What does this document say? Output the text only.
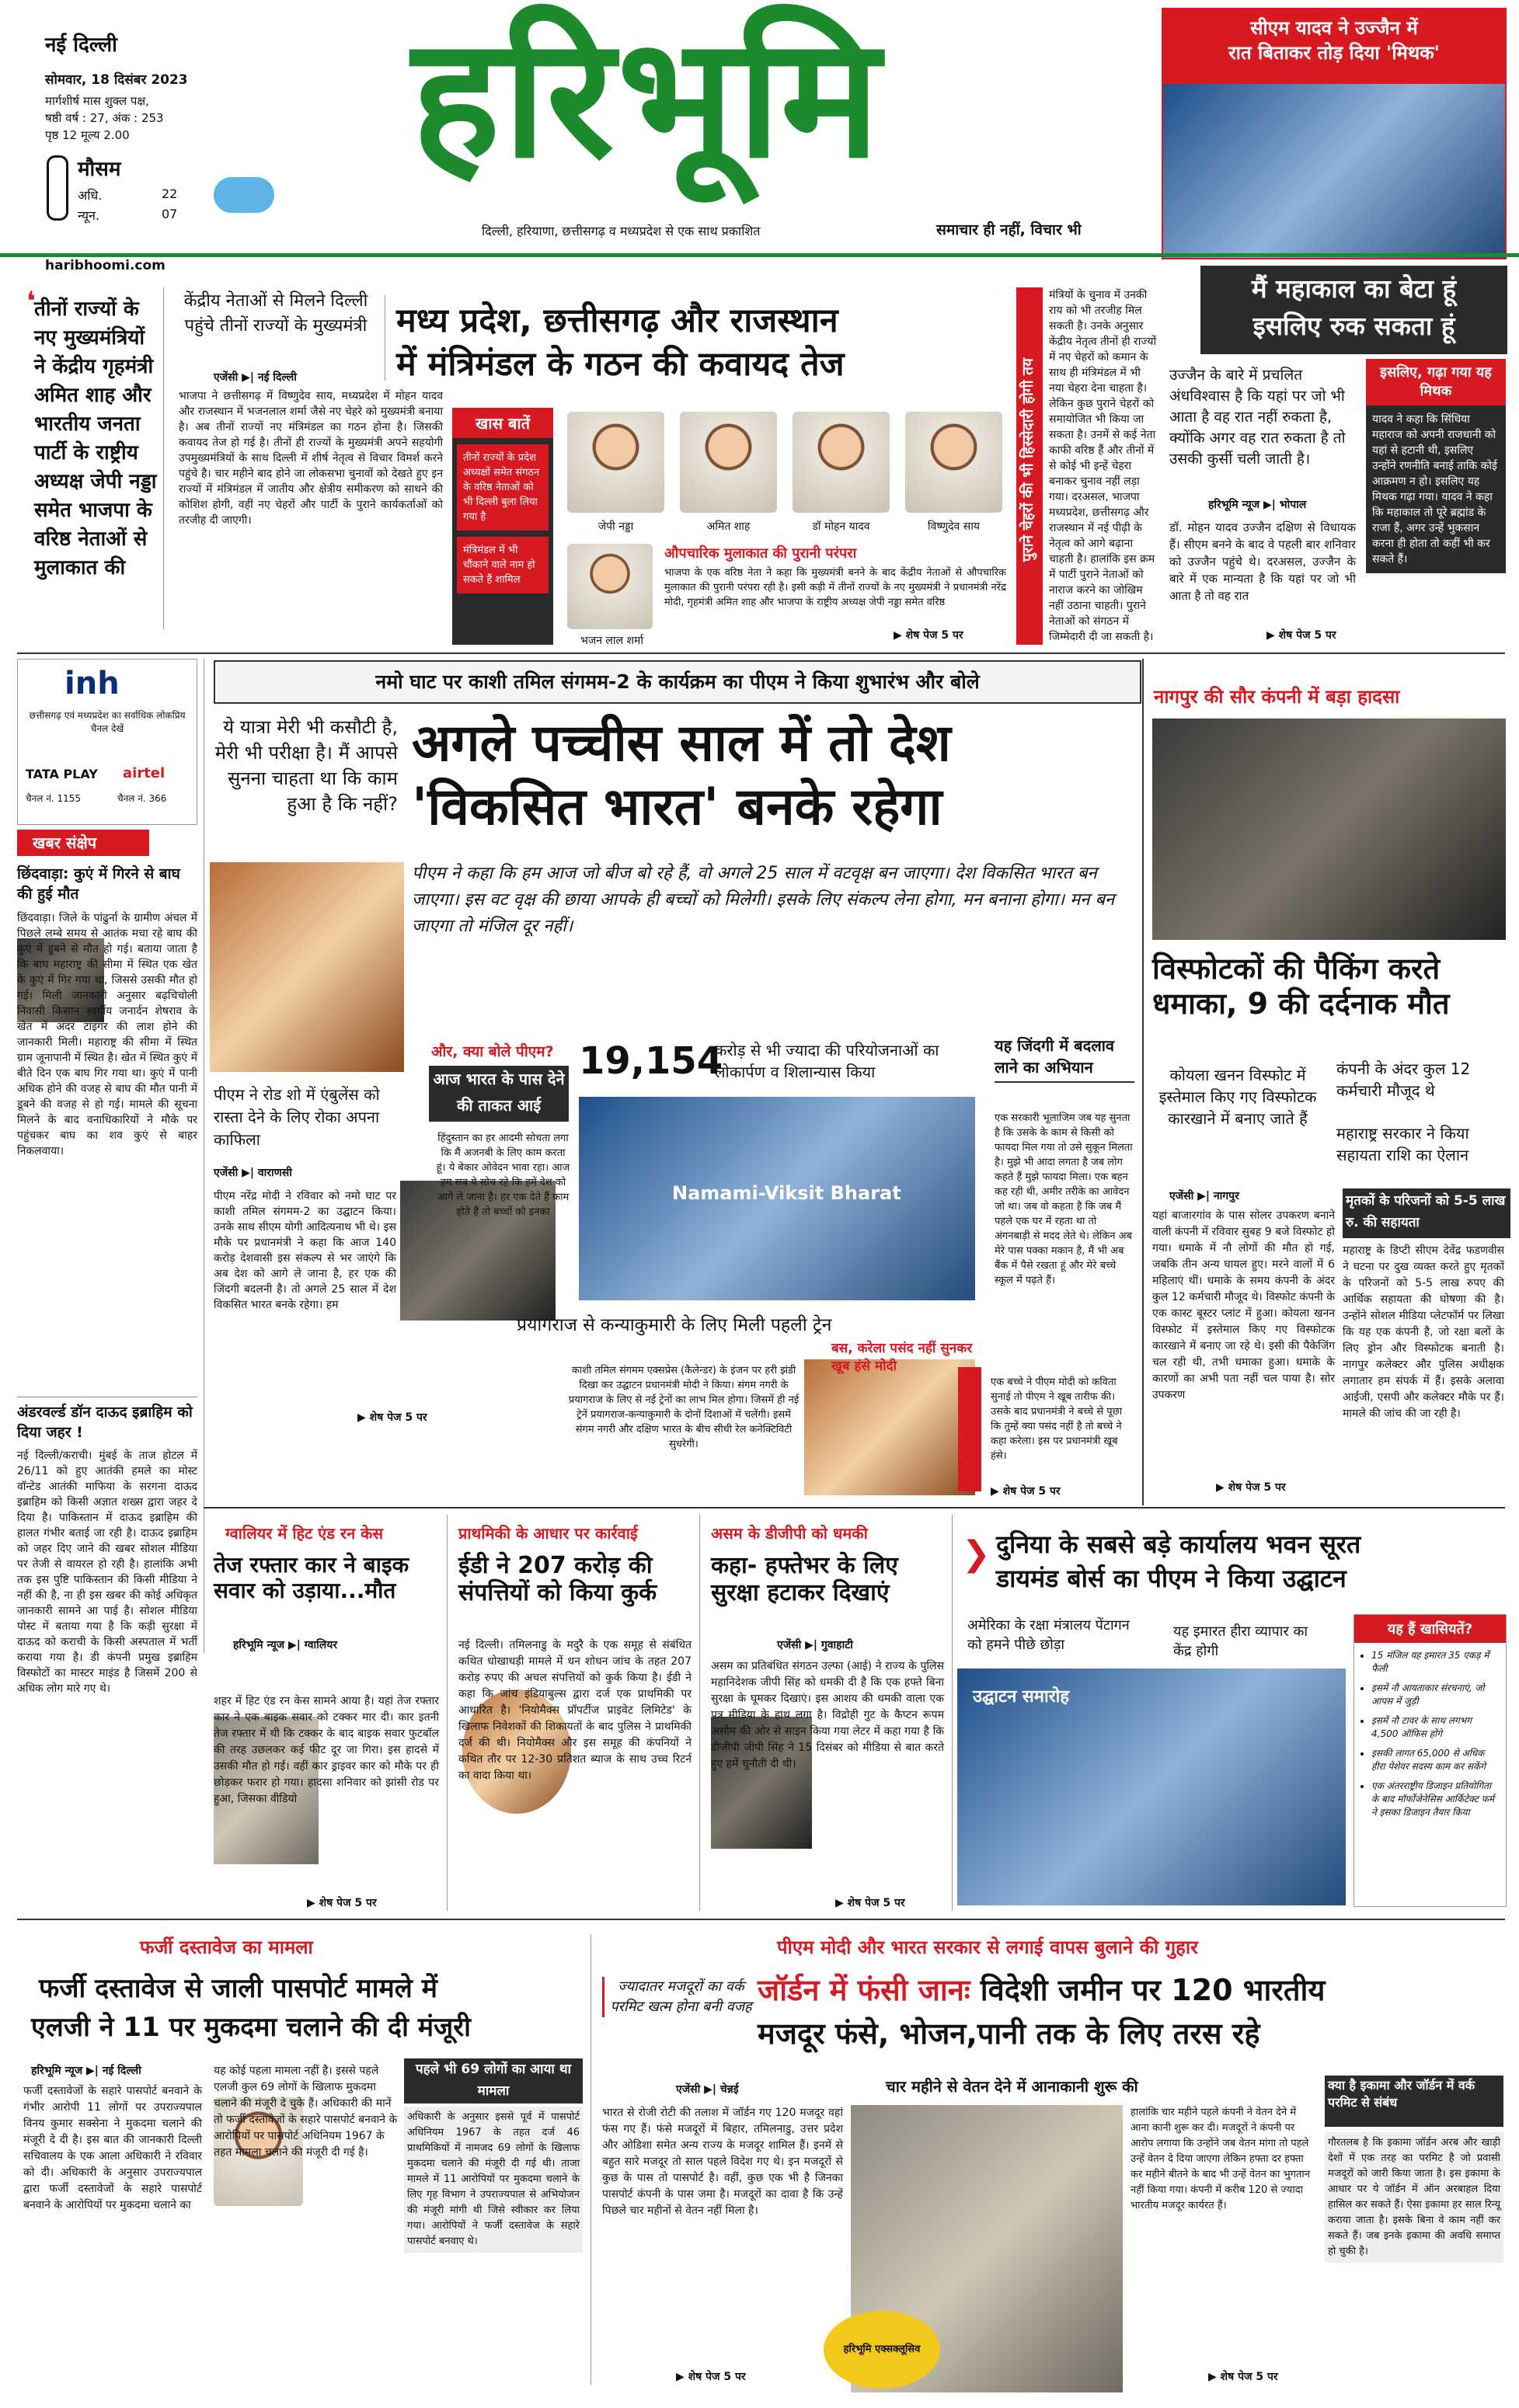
नई दिल्ली
सोमवार, 18 दिसंबर 2023
मार्गशीर्ष मास शुक्ल पक्ष,
षष्ठी वर्ष : 27, अंक : 253
पृष्ठ 12 मूल्य 2.00
मौसम
अधि.	22
न्यून.	07
हरिभूमि
दिल्ली, हरियाणा, छत्तीसगढ़ व मध्यप्रदेश से एक साथ प्रकाशित	समाचार ही नहीं, विचार भी
सीएम यादव ने उज्जैन में
रात बिताकर तोड़ दिया 'मिथक'
haribhoomi.com
तीनों राज्यों के नए मुख्यमंत्रियों ने केंद्रीय गृहमंत्री अमित शाह और भारतीय जनता पार्टी के राष्ट्रीय अध्यक्ष जेपी नड्डा समेत भाजपा के वरिष्ठ नेताओं से मुलाकात की
❛	केंद्रीय नेताओं से मिलने दिल्ली पहुंचे तीनों राज्यों के मुख्यमंत्री मध्य प्रदेश, छत्तीसगढ़ और राजस्थान
में मंत्रिमंडल के गठन की कवायद तेज
एजेंसी ▶| नई दिल्ली
भाजपा ने छत्तीसगढ़ में विष्णुदेव साय, मध्यप्रदेश में मोहन यादव और राजस्थान में भजनलाल शर्मा जैसे नए चेहरे को मुख्यमंत्री बनाया है। अब तीनों राज्यों नए मंत्रिमंडल का गठन होना है। जिसकी कवायद तेज हो गई है। तीनों ही राज्यों के मुख्यमंत्री अपने सहयोगी उपमुख्यमंत्रियों के साथ दिल्ली में शीर्ष नेतृत्व से विचार विमर्श करने पहुंचे है। चार महीने बाद होने जा लोकसभा चुनावों को देखते हुए इन राज्यों में मंत्रिमंडल में जातीय और क्षेत्रीय समीकरण को साधने की कोशिश होगी, वहीं नए चेहरों और पार्टी के पुराने कार्यकर्ताओं को तरजीह दी जाएगी।
खास बातें
तीनों राज्यों के प्रदेश अध्यक्षों समेत संगठन के वरिष्ठ नेताओं को भी दिल्ली बुला लिया गया है
मंत्रिमंडल में भी चौंकाने वाले नाम हो सकते हैं शामिल
जेपी नड्डा	अमित शाह	डॉ मोहन यादव	विष्णुदेव साय
भजन लाल शर्मा
औपचारिक मुलाकात की पुरानी परंपरा
भाजपा के एक वरिष्ठ नेता ने कहा कि मुख्यमंत्री बनने के बाद केंद्रीय नेताओं से औपचारिक मुलाकात की पुरानी परंपरा रही है। इसी कड़ी में तीनों राज्यों के नए मुख्यमंत्री ने प्रधानमंत्री नरेंद्र मोदी, गृहमंत्री अमित शाह और भाजपा के राष्ट्रीय अध्यक्ष जेपी नड्डा समेत वरिष्ठ
▶ शेष पेज 5 पर
पुराने चेहरों की भी हिस्सेदारी होगी तय
मंत्रियों के चुनाव में उनकी राय को भी तरजीह मिल सकती है। उनके अनुसार केंद्रीय नेतृत्व तीनों ही राज्यों में नए चेहरों को कमान के साथ ही मंत्रिमंडल में भी नया चेहरा देना चाहता है। लेकिन कुछ पुराने चेहरों को समायोजित भी किया जा सकता है। उनमें से कई नेता काफी वरिष्ठ हैं और तीनों में से कोई भी इन्हें चेहरा बनाकर चुनाव नहीं लड़ा गया। दरअसल, भाजपा मध्यप्रदेश, छत्तीसगढ़ और राजस्थान में नई पीढ़ी के नेतृत्व को आगे बढ़ाना चाहती है। हालांकि इस क्रम में पार्टी पुराने नेताओं को नाराज करने का जोखिम नहीं उठाना चाहती। पुराने नेताओं को संगठन में जिम्मेदारी दी जा सकती है।
मैं महाकाल का बेटा हूं
इसलिए रुक सकता हूं
उज्जैन के बारे में प्रचलित अंधविश्वास है कि यहां पर जो भी आता है वह रात नहीं रुकता है, क्योंकि अगर वह रात रुकता है तो उसकी कुर्सी चली जाती है।
इसलिए, गढ़ा गया यह मिथक
यादव ने कहा कि सिंधिया महाराज को अपनी राजधानी को यहां से हटानी थी, इसलिए उन्होंने रणनीति बनाई ताकि कोई आक्रमण न हो। इसलिए यह मिथक गढ़ा गया। यादव ने कहा कि महाकाल तो पूरे ब्रह्मांड के राजा हैं, अगर उन्हें भुकसान करना ही होता तो कहीं भी कर सकते हैं।
हरिभूमि न्यूज ▶| भोपाल
डॉ. मोहन यादव उज्जैन दक्षिण से विधायक हैं। सीएम बनने के बाद वे पहली बार शनिवार को उज्जैन पहुंचे थे। दरअसल, उज्जैन के बारे में एक मान्यता है कि यहां पर जो भी आता है तो वह रात
▶ शेष पेज 5 पर
inh
छत्तीसगढ़ एवं मध्यप्रदेश का सर्वाधिक लोकप्रिय चैनल देखें
TATA PLAY airtel
चैनल नं. 1155	चैनल नं. 366
खबर संक्षेप
छिंदवाड़ा: कुएं में गिरने से बाघ की हुई मौत
छिंदवाड़ा। जिले के पांढुर्ना के ग्रामीण अंचल में पिछले लम्बे समय से आतंक मचा रहे बाघ की कुएं में डूबने से मौत हो गई। बताया जाता है कि बाघ महाराष्ट्र की सीमा में स्थित एक खेत के कुएं में गिर गया था, जिससे उसकी मौत हो गई। मिली जानकारी अनुसार बढ़चिचोली निवासी किसान स्वर्गीय जनार्दन शेषराव के खेत में अंदर टाइगर की लाश होने की जानकारी मिली। महाराष्ट्र की सीमा में स्थित ग्राम जूनापानी में स्थित है। खेत में स्थित कुएं में बीते दिन एक बाघ गिर गया था। कुएं में पानी अधिक होने की वजह से बाघ की मौत पानी में डूबने की वजह से हो गई। मामले की सूचना मिलने के बाद वनाधिकारियों ने मौके पर पहुंचकर बाघ का शव कुएं से बाहर निकलवाया।
अंडरवर्ल्ड डॉन दाऊद इब्राहिम को दिया जहर !
नई दिल्ली/कराची। मुंबई के ताज होटल में 26/11 को हुए आतंकी हमले का मोस्ट वॉन्टेड आतंकी माफिया के सरगना दाऊद इब्राहिम को किसी अज्ञात शख्स द्वारा जहर दे दिया है। पाकिस्तान में दाऊद इब्राहिम की हालत गंभीर बताई जा रही है। दाऊद इब्राहिम को जहर दिए जाने की खबर सोशल मीडिया पर तेजी से वायरल हो रही है। हालांकि अभी तक इस पुष्टि पाकिस्तान की किसी मीडिया ने नहीं की है, ना ही इस खबर की कोई अधिकृत जानकारी सामने आ पाई है। सोशल मीडिया पोस्ट में बताया गया है कि कड़ी सुरक्षा में दाऊद को कराची के किसी अस्पताल में भर्ती कराया गया है। डी कंपनी प्रमुख इब्राहिम विस्फोटों का मास्टर माइंड है जिसमें 200 से अधिक लोग मारे गए थे।
नमो घाट पर काशी तमिल संगमम-2 के कार्यक्रम का पीएम ने किया शुभारंभ और बोले
ये यात्रा मेरी भी कसौटी है, मेरी भी परीक्षा है। मैं आपसे सुनना चाहता था कि काम हुआ है कि नहीं?
अगले पच्चीस साल में तो देश
'विकसित भारत' बनके रहेगा
पीएम ने कहा कि हम आज जो बीज बो रहे हैं, वो अगले 25 साल में वटवृक्ष बन जाएगा। देश विकसित भारत बन जाएगा। इस वट वृक्ष की छाया आपके ही बच्चों को मिलेगी। इसके लिए संकल्प लेना होगा, मन बनाना होगा। मन बन जाएगा तो मंजिल दूर नहीं।
पीएम ने रोड शो में एंबुलेंस को रास्ता देने के लिए रोका अपना काफिला
एजेंसी ▶| वाराणसी
पीएम नरेंद्र मोदी ने रविवार को नमो घाट पर काशी तमिल संगमम-2 का उद्घाटन किया। उनके साथ सीएम योगी आदित्यनाथ भी थे। इस मौके पर प्रधानमंत्री ने कहा कि आज 140 करोड़ देशवासी इस संकल्प से भर जाएंगे कि अब देश को आगे ले जाना है, हर एक की जिंदगी बदलनी है। तो अगले 25 साल में देश विकसित भारत बनके रहेगा। हम
▶ शेष पेज 5 पर
और, क्या बोले पीएम?
आज भारत के पास देने की ताकत आई
हिंदुस्तान का हर आदमी सोचता लगा कि मैं अजनबी के लिए काम करता हूं। ये बेकार ओवेदन भावा रहा। आज हम सब ये सोच रहे कि हमें देश को आगे ले जाना है। हर एक देते हैं काम होते हैं तो बच्चों को इनका
19,154
करोड़ से भी ज्यादा की परियोजनाओं का लोकार्पण व शिलान्यास किया
Namami-Viksit Bharat
प्रयागराज से कन्याकुमारी के लिए मिली पहली ट्रेन
काशी तमिल संगमम एक्सप्रेस (कैलेन्डर) के इंजन पर हरी झंडी दिखा कर उद्घाटन प्रधानमंत्री मोदी ने किया। संगम नगरी के प्रयागराज के लिए से नई ट्रेनों का लाभ मिल होगा। जिसमें ही नई ट्रेनें प्रयागराज-कन्याकुमारी के दोनों दिशाओं में चलेंगी। इसमें संगम नगरी और दक्षिण भारत के बीच सीधी रेल कनेक्टिविटी सुधरेगी।
यह जिंदगी में बदलाव लाने का अभियान
एक सरकारी भूलाजिम जब यह सुनता है कि उसके के काम से किसी को फायदा मिल गया तो उसे सुकून मिलता है। मुझे भी आदा लगता है जब लोग कहते हैं मुझे फायदा मिला। एक बहन कह रही थी, अमीर तरीके का आवेदन जो था। जब वो कहता है कि जब मैं पहले एक घर में रहता था तो अंगनबाड़ी से मदद लेते थे। लेकिन अब मेरे पास पक्का मकान है, मैं भी अब बैंक में पैसे रखता हूं और मेरे बच्चे स्कूल में पढ़ते हैं।
बस, करेला पसंद नहीं सुनकर खूब हंसे मोदी
एक बच्चे ने पीएम मोदी को कविता सुनाई तो पीएम ने खूब तारीफ की। उसके बाद प्रधानमंत्री ने बच्चे से पूछा कि तुम्हें क्या पसंद नहीं है तो बच्चे ने कहा करेला। इस पर प्रधानमंत्री खूब हंसे।
▶ शेष पेज 5 पर
नागपुर की सौर कंपनी में बड़ा हादसा
विस्फोटकों की पैकिंग करते धमाका, 9 की दर्दनाक मौत
कोयला खनन विस्फोट में इस्तेमाल किए गए विस्फोटक कारखाने में बनाए जाते हैं
कंपनी के अंदर कुल 12 कर्मचारी मौजूद थे
महाराष्ट्र सरकार ने किया सहायता राशि का ऐलान
एजेंसी ▶| नागपुर
यहां बाजारगांव के पास सोलर उपकरण बनाने वाली कंपनी में रविवार सुबह 9 बजे विस्फोट हो गया। धमाके में नौ लोगों की मौत हो गई, जबकि तीन अन्य घायल हुए। मरने वालों में 6 महिलाएं थीं। धमाके के समय कंपनी के अंदर कुल 12 कर्मचारी मौजूद थे। विस्फोट कंपनी के एक कास्ट बूस्टर प्लांट में हुआ। कोयला खनन विस्फोट में इस्तेमाल किए गए विस्फोटक कारखाने में बनाए जा रहे थे। इसी की पैकेजिंग चल रही थी, तभी धमाका हुआ। धमाके के कारणों का अभी पता नहीं चल पाया है। सोर उपकरण
▶ शेष पेज 5 पर
मृतकों के परिजनों को 5-5 लाख रु. की सहायता
महाराष्ट्र के डिप्टी सीएम देवेंद्र फडणवीस ने घटना पर दुख व्यक्त करते हुए मृतकों के परिजनों को 5-5 लाख रुपए की आर्थिक सहायता की घोषणा की है। उन्होंने सोशल मीडिया प्लेटफॉर्म पर लिखा कि यह एक कंपनी है, जो रक्षा बलों के लिए ड्रोन और विस्फोटक बनाती है। नागपुर कलेक्टर और पुलिस अधीक्षक लगातार हम संपर्क में हैं। इसके अलावा आईजी, एसपी और कलेक्टर मौके पर हैं। मामले की जांच की जा रही है।
ग्वालियर में हिट एंड रन केस
तेज रफ्तार कार ने बाइक सवार को उड़ाया...मौत
हरिभूमि न्यूज ▶| ग्वालियर
शहर में हिट एंड रन केस सामने आया है। यहां तेज रफ्तार कार ने एक बाइक सवार को टक्कर मार दी। कार इतनी तेज रफ्तार में थी कि टक्कर के बाद बाइक सवार फुटबॉल की तरह उछलकर कई फीट दूर जा गिरा। इस हादसे में उसकी मौत हो गई। वहीं कार ड्राइवर कार को मौके पर ही छोड़कर फरार हो गया। हादसा शनिवार को झांसी रोड पर हुआ, जिसका वीडियो
▶ शेष पेज 5 पर
प्राथमिकी के आधार पर कार्रवाई
ईडी ने 207 करोड़ की संपत्तियों को किया कुर्क
नई दिल्ली। तमिलनाडु के मदुरै के एक समूह से संबंधित कथित धोखाधड़ी मामले में धन शोधन जांच के तहत 207 करोड़ रुपए की अचल संपत्तियों को कुर्क किया है। ईडी ने कहा कि जांच इंडियाबुल्स द्वारा दर्ज एक प्राथमिकी पर आधारित है। 'नियोमैक्स प्रॉपर्टीज प्राइवेट लिमिटेड' के खिलाफ निवेशकों की शिकायतों के बाद पुलिस ने प्राथमिकी दर्ज की थी। नियोमैक्स और इस समूह की कंपनियों ने कथित तौर पर 12-30 प्रतिशत ब्याज के साथ उच्च रिटर्न का वादा किया था।
असम के डीजीपी को धमकी
कहा- हफ्तेभर के लिए सुरक्षा हटाकर दिखाएं
एजेंसी ▶| गुवाहाटी
असम का प्रतिबंधित संगठन उल्फा (आई) ने राज्य के पुलिस महानिदेशक जीपी सिंह को धमकी दी है कि एक हफ्ते बिना सुरक्षा के घूमकर दिखाएं। इस आशय की धमकी वाला एक पत्र मीडिया के हाथ लगा है। विद्रोही गुट के कैप्टन रूपम असोम की ओर से साइन किया गया लेटर में कहा गया है कि डीजीपी जीपी सिंह ने 15 दिसंबर को मीडिया से बात करते हुए हमें चुनौती दी थी।
▶ शेष पेज 5 पर
❯ दुनिया के सबसे बड़े कार्यालय भवन सूरत
डायमंड बोर्स का पीएम ने किया उद्घाटन
अमेरिका के रक्षा मंत्रालय पेंटागन को हमने पीछे छोड़ा
यह इमारत हीरा व्यापार का केंद्र होगी
उद्घाटन समारोह
यह हैं खासियतें?
• 15 मंजिल यह इमारत 35 एकड़ में फैली
• इसमें नौ आयताकार संरचनाएं, जो आपस में जुड़ी
• इसमें नौ टावर के साथ लगभग 4,500 ऑफिस होंगे
• इसकी लागत 65,000 से अधिक हीरा पेशेवर सदस्य काम कर सकेंगे
• एक अंतरराष्ट्रीय डिजाइन प्रतियोगिता के बाद मॉर्फोजेनेसिस आर्किटेक्ट फर्म ने इसका डिजाइन तैयार किया
फर्जी दस्तावेज का मामला
फर्जी दस्तावेज से जाली पासपोर्ट मामले में
एलजी ने 11 पर मुकदमा चलाने की दी मंजूरी
हरिभूमि न्यूज ▶| नई दिल्ली
फर्जी दस्तावेजों के सहारे पासपोर्ट बनवाने के गंभीर आरोपी 11 लोगों पर उपराज्यपाल विनय कुमार सक्सेना ने मुकदमा चलाने की मंजूरी दे दी है। इस बात की जानकारी दिल्ली सचिवालय के एक आला अधिकारी ने रविवार को दी। अधिकारी के अनुसार उपराज्यपाल द्वारा फर्जी दस्तावेजों के सहारे पासपोर्ट बनवाने के आरोपियों पर मुकदमा चलाने का
यह कोई पहला मामला नहीं है। इससे पहले एलजी कुल 69 लोगों के खिलाफ मुकदमा चलाने की मंजूरी दे चुके हैं। अधिकारी की मानें तो फर्जी दस्तावेजों के सहारे पासपोर्ट बनवाने के आरोपियों पर पासपोर्ट अधिनियम 1967 के तहत मामला चलाने की मंजूरी दी गई है।
पहले भी 69 लोगों का आया था मामला
अधिकारी के अनुसार इससे पूर्व में पासपोर्ट अधिनियम 1967 के तहत दर्ज 46 प्राथमिकियों में नामजद 69 लोगों के खिलाफ मुकदमा चलाने की मंजूरी दी गई थी। ताजा मामले में 11 आरोपियों पर मुकदमा चलाने के लिए गृह विभाग ने उपराज्यपाल से अभियोजन की मंजूरी मांगी थी जिसे स्वीकार कर लिया गया। आरोपियों ने फर्जी दस्तावेज के सहारे पासपोर्ट बनवाए थे।
पीएम मोदी और भारत सरकार से लगाई वापस बुलाने की गुहार
ज्यादातर मजदूरों का वर्क परमिट खत्म होना बनी वजह जॉर्डन में फंसी जानः विदेशी जमीन पर 120 भारतीय
मजदूर फंसे, भोजन,पानी तक के लिए तरस रहे
एजेंसी ▶| चेन्नई
भारत से रोजी रोटी की तलाश में जॉर्डन गए 120 मजदूर वहां फंस गए हैं। फंसे मजदूरों में बिहार, तमिलनाडु, उत्तर प्रदेश और ओडिशा समेत अन्य राज्य के मजदूर शामिल हैं। इनमें से बहुत सारे मजदूर तो साल पहले विदेश गए थे। इन मजदूरों से कुछ के पास तो पासपोर्ट है। वहीं, कुछ एक भी है जिनका पासपोर्ट कंपनी के पास जमा है। मजदूरों का दावा है कि उन्हें पिछले चार महीनों से वेतन नहीं मिला है।
▶ शेष पेज 5 पर
चार महीने से वेतन देने में आनाकानी शुरू की
हरिभूमि एक्सक्लूसिव
हालांकि चार महीने पहले कंपनी ने वेतन देने में आना कानी शुरू कर दी। मजदूरों ने कंपनी पर आरोप लगाया कि उन्होंने जब वेतन मांगा तो पहले उन्हें वेतन दे दिया जाएगा लेकिन हफ्ता दर हफ्ता कर महीने बीतने के बाद भी उन्हें वेतन का भुगतान नहीं किया गया। कंपनी में करीब 120 से ज्यादा भारतीय मजदूर कार्यरत हैं।
▶ शेष पेज 5 पर
क्या है इकामा और जॉर्डन में वर्क परमिट से संबंध
गौरतलब है कि इकामा जॉर्डन अरब और खाड़ी देशों में एक तरह का परमिट है जो प्रवासी मजदूरों को जारी किया जाता है। इस इकामा के आधार पर ये जॉर्डन में ऑन अरबाहल दिया हासिल कर सकते हैं। ऐसा इकामा हर साल रिन्यू कराया जाता है। इसके बिना वे काम नहीं कर सकते हैं। जब इनके इकामा की अवधि समाप्त हो चुकी है।
